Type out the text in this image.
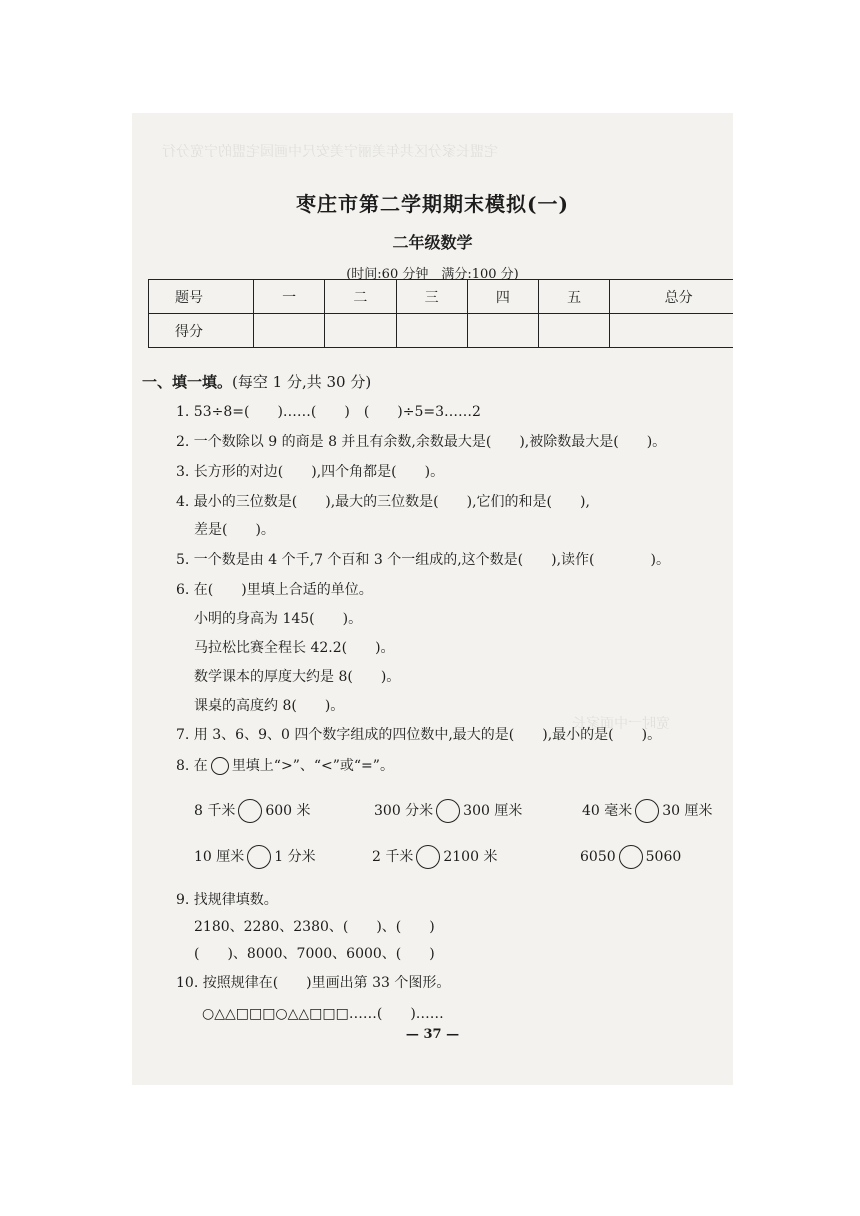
宅盟长家分区共年美丽宁美安尺中画园宅盟的宁宽分行
宽时一中面家长
枣庄市第二学期期末模拟(一)
二年级数学
(时间:60 分钟　满分:100 分)
题号	一	二	三	四	五	总分
得分						
一、填一填。(每空 1 分,共 30 分)
1. 53÷8=(　　)……(　　)　(　　)÷5=3……2
2. 一个数除以 9 的商是 8 并且有余数,余数最大是(　　),被除数最大是(　　)。
3. 长方形的对边(　　),四个角都是(　　)。
4. 最小的三位数是(　　),最大的三位数是(　　),它们的和是(　　),
差是(　　)。
5. 一个数是由 4 个千,7 个百和 3 个一组成的,这个数是(　　),读作(　　　　)。
6. 在(　　)里填上合适的单位。
小明的身高为 145(　　)。
马拉松比赛全程长 42.2(　　)。
数学课本的厚度大约是 8(　　)。
课桌的高度约 8(　　)。
7. 用 3、6、9、0 四个数字组成的四位数中,最大的是(　　),最小的是(　　)。
8. 在 里填上“>”、“<”或“=”。
8 千米 600 米	300 分米 300 厘米	40 毫米 30 厘米
10 厘米 1 分米	2 千米 2100 米	6050 5060
9. 找规律填数。
2180、2280、2380、(　　)、(　　)
(　　)、8000、7000、6000、(　　)
10. 按照规律在(　　)里画出第 33 个图形。
○△△□□□○△△□□□……(　　)……
— 37 —
